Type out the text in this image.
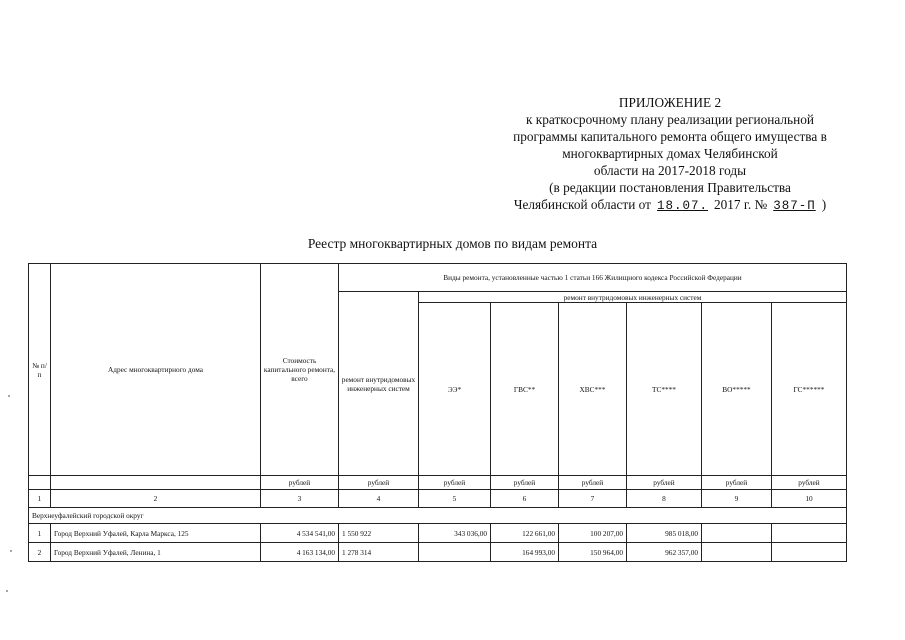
ПРИЛОЖЕНИЕ 2
к краткосрочному плану реализации региональной
программы капитального ремонта общего имущества в
многоквартирных домах Челябинской
области на 2017-2018 годы
(в редакции постановления Правительства
Челябинской области от 18.07. 2017 г. № 387-П )
Реестр многоквартирных домов по видам ремонта
№ п/п	Адрес многоквартирного дома	Стоимость капитального ремонта, всего	Виды ремонта, установленные частью 1 статьи 166 Жилищного кодекса Российской Федерации						
			ремонт внутридомовых инженерных систем	ремонт внутридомовых инженерных систем					
				ЭЭ*	ГВС**	ХВС***	ТС****	ВО*****	ГС******
		рублей	рублей	рублей	рублей	рублей	рублей	рублей	рублей
1	2	3	4	5	6	7	8	9	10
Верхнеуфалейский городской округ									
1	Город Верхний Уфалей, Карла Маркса, 125	4 534 541,00	1 550 922	343 036,00	122 661,00	100 207,00	985 018,00		
2	Город Верхний Уфалей, Ленина, 1	4 163 134,00	1 278 314		164 993,00	150 964,00	962 357,00		
